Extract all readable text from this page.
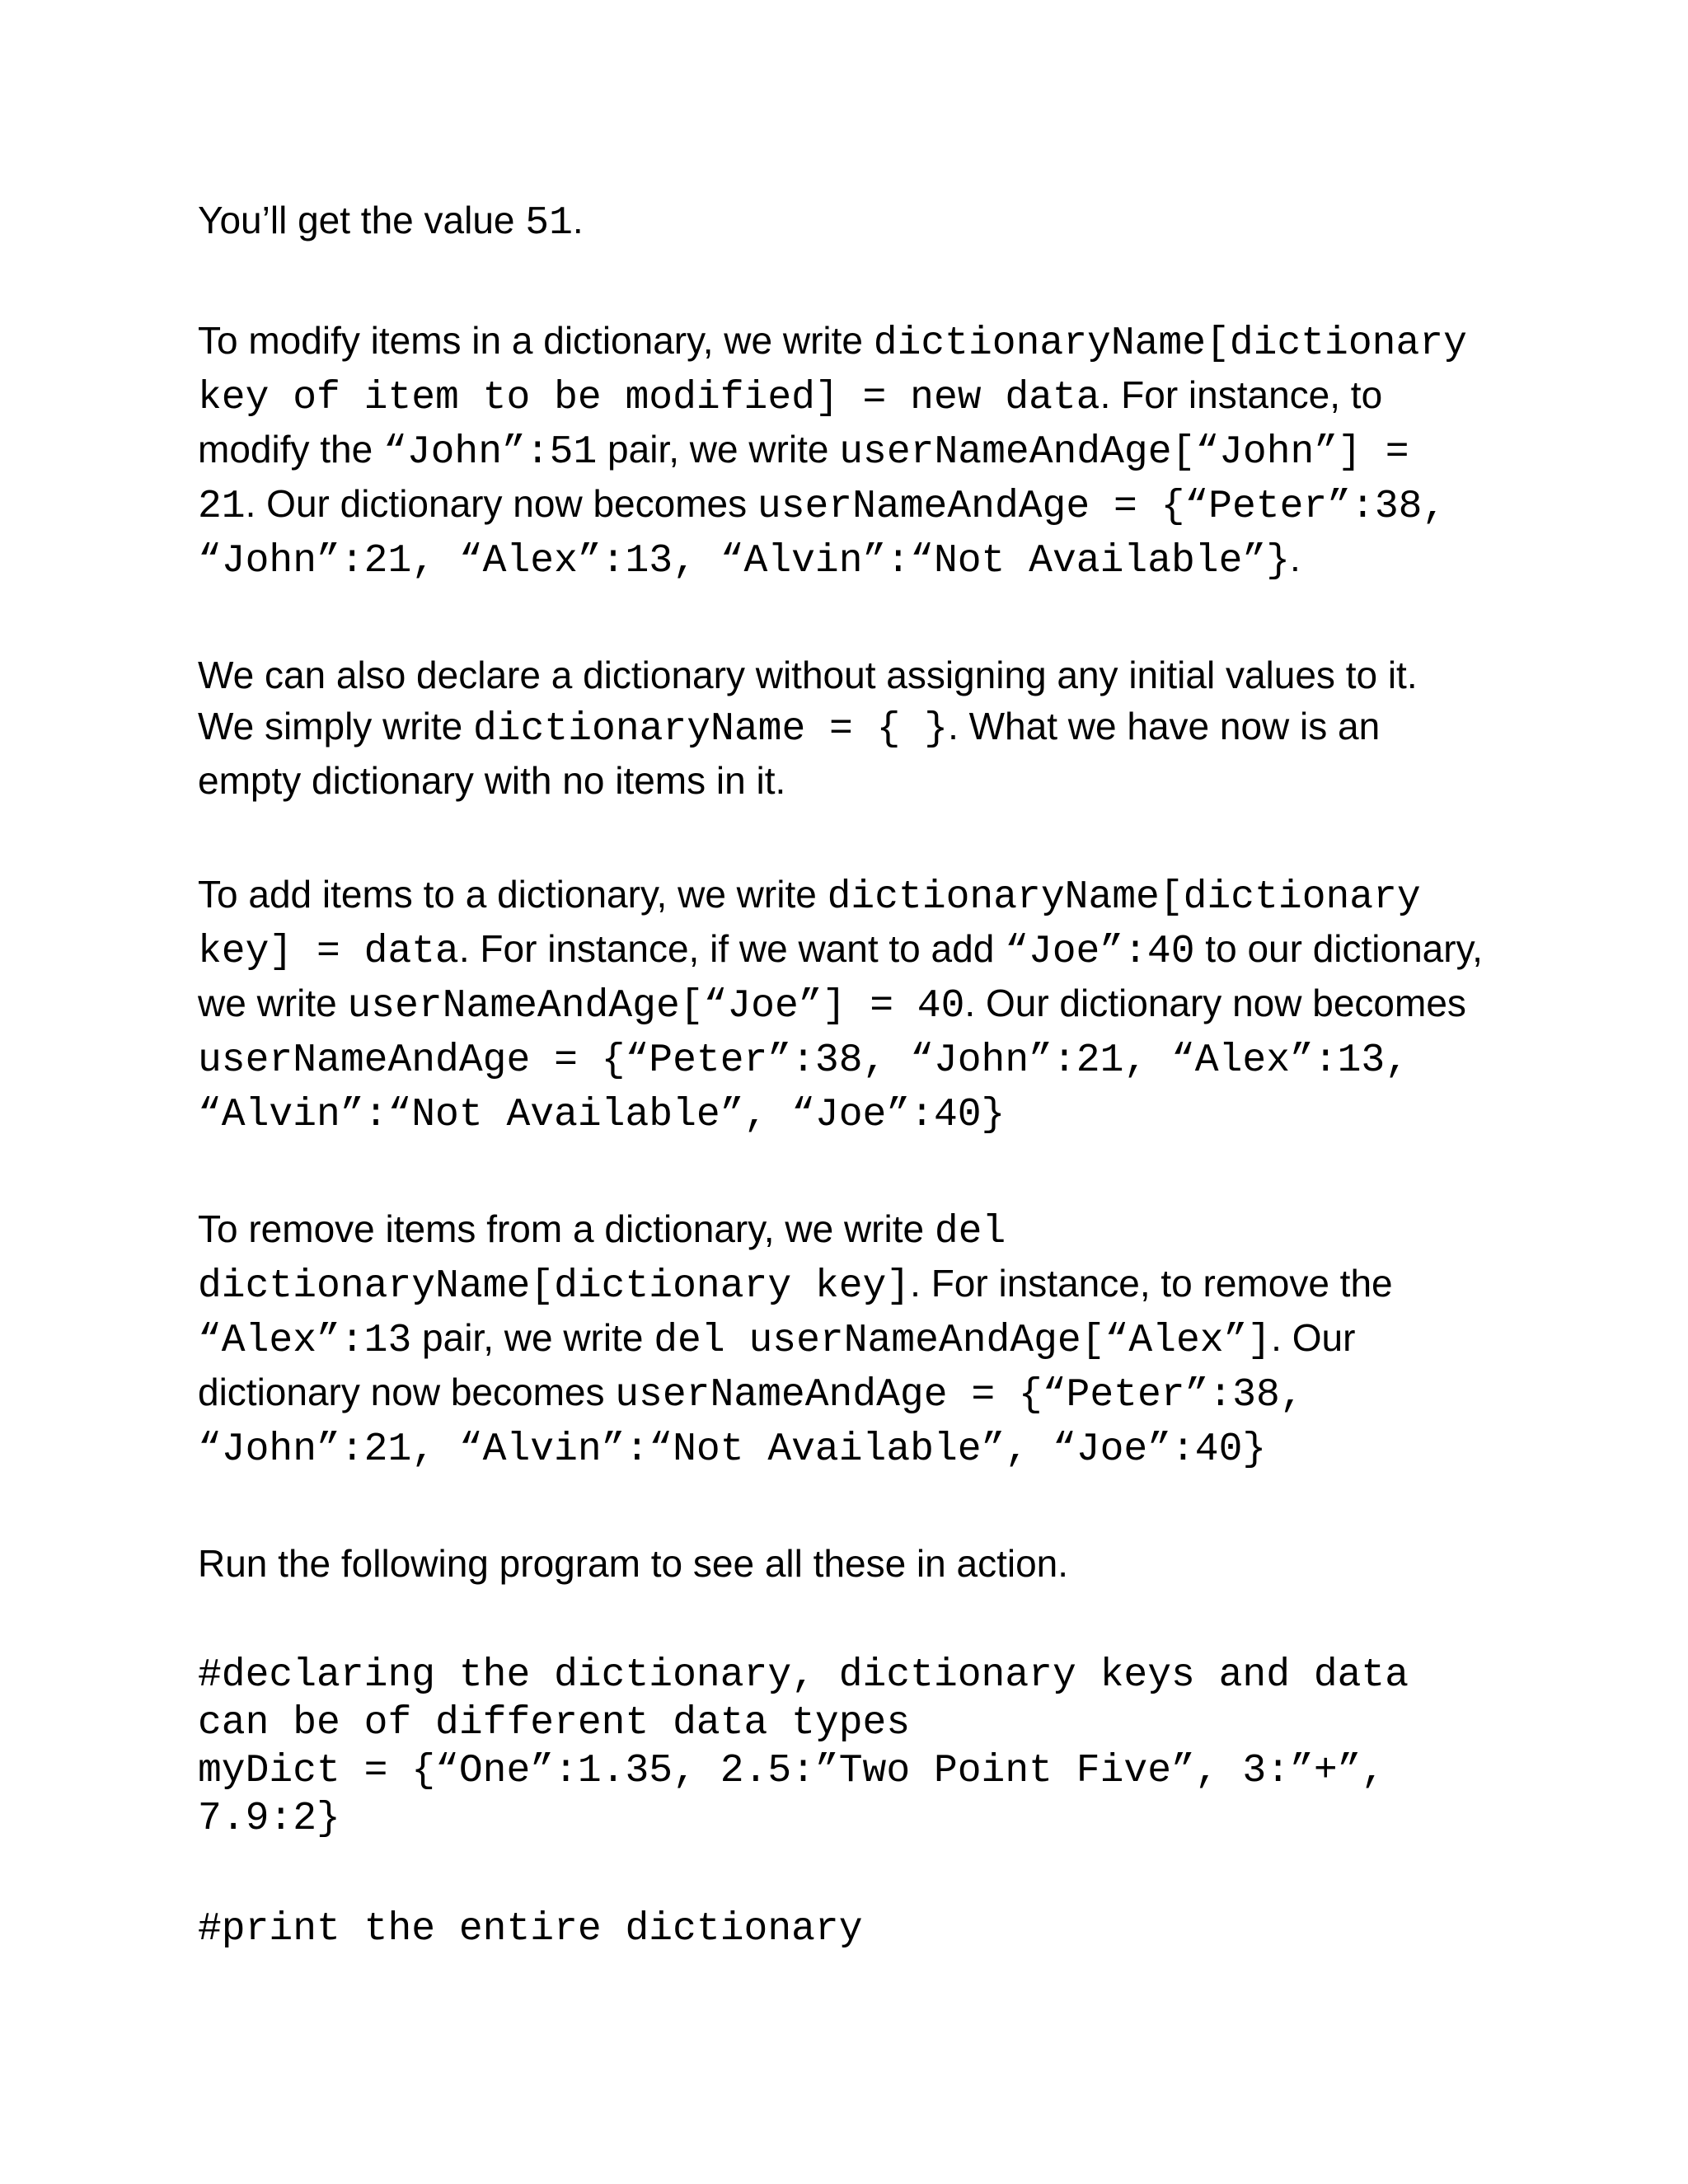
You’ll get the value 51.

To modify items in a dictionary, we write dictionaryName[dictionary key of item to be modified] = new data. For instance, to modify the “John”:51 pair, we write userNameAndAge[“John”] = 21. Our dictionary now becomes userNameAndAge = {“Peter”:38, “John”:21, “Alex”:13, “Alvin”:“Not Available”}.

We can also declare a dictionary without assigning any initial values to it. We simply write dictionaryName = { }. What we have now is an empty dictionary with no items in it.

To add items to a dictionary, we write dictionaryName[dictionary key] = data. For instance, if we want to add “Joe”:40 to our dictionary, we write userNameAndAge[“Joe”] = 40. Our dictionary now becomes userNameAndAge = {“Peter”:38, “John”:21, “Alex”:13, “Alvin”:“Not Available”, “Joe”:40}

To remove items from a dictionary, we write del dictionaryName[dictionary key]. For instance, to remove the “Alex”:13 pair, we write del userNameAndAge[“Alex”]. Our dictionary now becomes userNameAndAge = {“Peter”:38, “John”:21, “Alvin”:“Not Available”, “Joe”:40}

Run the following program to see all these in action.

#declaring the dictionary, dictionary keys and data can be of different data types
myDict = {“One”:1.35, 2.5:”Two Point Five”, 3:”+”, 7.9:2}
#print the entire dictionary
